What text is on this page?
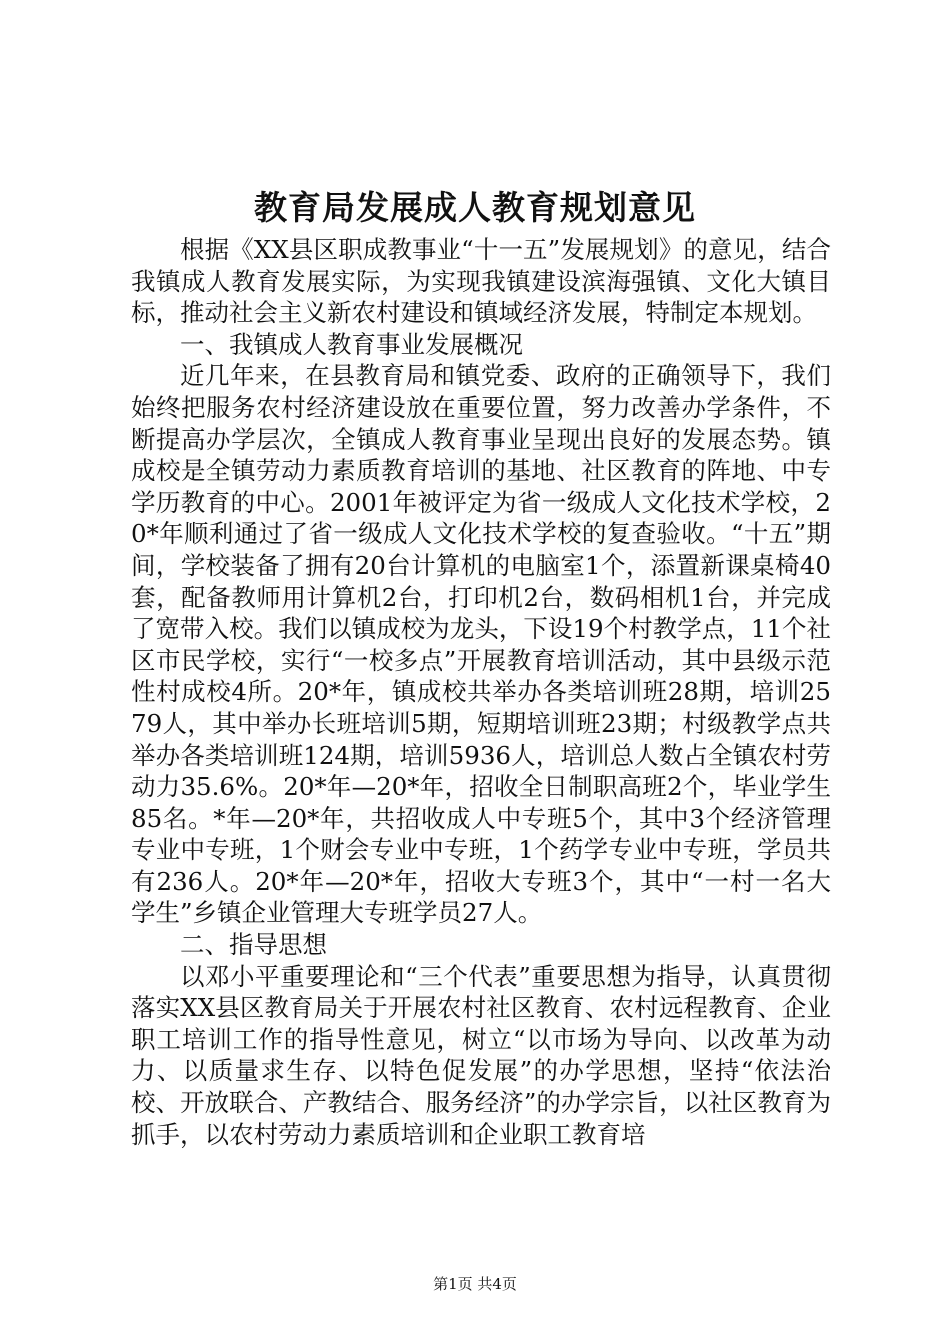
教育局发展成人教育规划意见

根据《XX县区职成教事业“十一五”发展规划》的意见，结合我镇成人教育发展实际，为实现我镇建设滨海强镇、文化大镇目标，推动社会主义新农村建设和镇域经济发展，特制定本规划。

一、我镇成人教育事业发展概况

近几年来，在县教育局和镇党委、政府的正确领导下，我们始终把服务农村经济建设放在重要位置，努力改善办学条件，不断提高办学层次，全镇成人教育事业呈现出良好的发展态势。镇成校是全镇劳动力素质教育培训的基地、社区教育的阵地、中专学历教育的中心。2001年被评定为省一级成人文化技术学校，20*年顺利通过了省一级成人文化技术学校的复查验收。“十五”期间，学校装备了拥有20台计算机的电脑室1个，添置新课桌椅40套，配备教师用计算机2台，打印机2台，数码相机1台，并完成了宽带入校。我们以镇成校为龙头，下设19个村教学点，11个社区市民学校，实行“一校多点”开展教育培训活动，其中县级示范性村成校4所。20*年，镇成校共举办各类培训班28期，培训2579人，其中举办长班培训5期，短期培训班23期；村级教学点共举办各类培训班124期，培训5936人，培训总人数占全镇农村劳动力35.6%。20*年—20*年，招收全日制职高班2个，毕业学生85名。*年—20*年，共招收成人中专班5个，其中3个经济管理专业中专班，1个财会专业中专班，1个药学专业中专班，学员共有236人。20*年—20*年，招收大专班3个，其中“一村一名大学生”乡镇企业管理大专班学员27人。

二、指导思想

以邓小平重要理论和“三个代表”重要思想为指导，认真贯彻落实XX县区教育局关于开展农村社区教育、农村远程教育、企业职工培训工作的指导性意见，树立“以市场为导向、以改革为动力、以质量求生存、以特色促发展”的办学思想，坚持“依法治校、开放联合、产教结合、服务经济”的办学宗旨，以社区教育为抓手，以农村劳动力素质培训和企业职工教育培

第1页 共4页
